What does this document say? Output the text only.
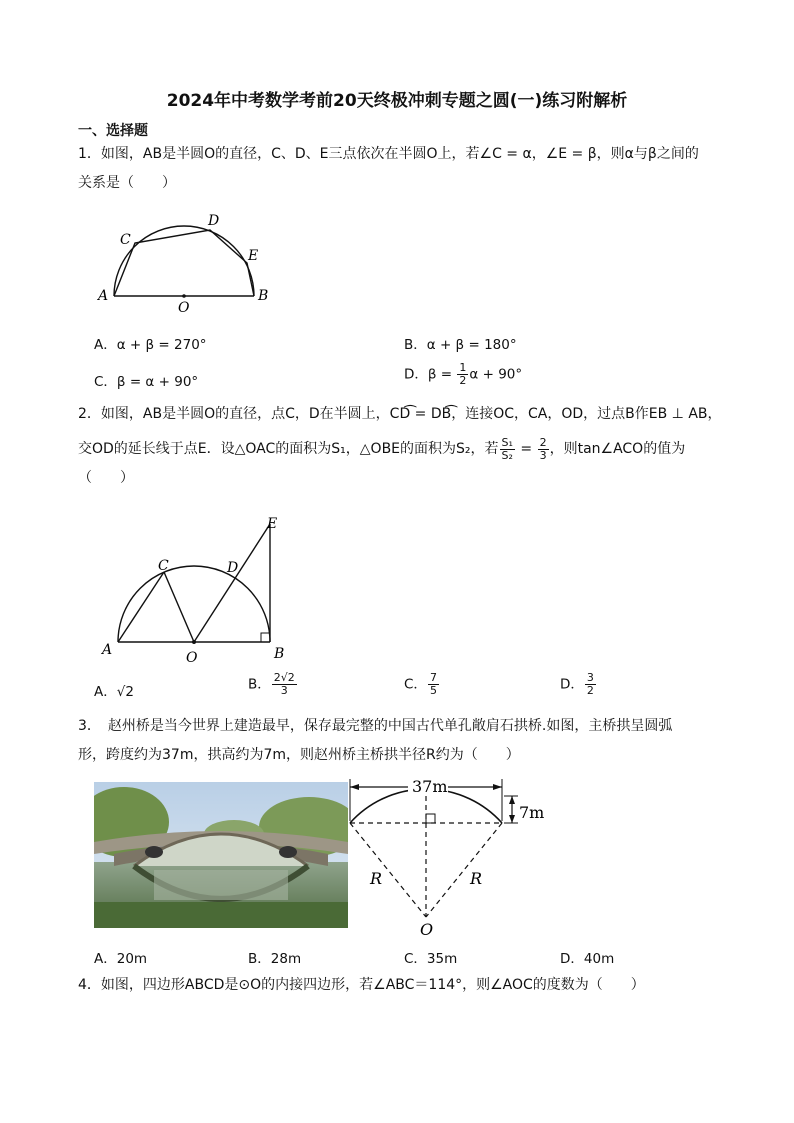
2024年中考数学考前20天终极冲刺专题之圆(一)练习附解析
一、选择题
1．如图，AB是半圆O的直径，C、D、E三点依次在半圆O上，若∠C = α，∠E = β，则α与β之间的
关系是（　　）
A	B
C
D
E
O
A．α + β = 270°	B．α + β = 180°
C．β = α + 90°	D．$\beta = \frac{1}{2}$ α + 90°
2．如图，AB是半圆O的直径，点C，D在半圆上，CD͡ = DB͡，连接OC，CA，OD，过点B作EB ⊥ AB，
交OD的延长线于点E．设△OAC的面积为S₁，△OBE的面积为S₂，若 $\frac{\text{S₁}}{\text{S₂}} = \frac{2}{3}$ ，则tan∠ACO的值为
（　　）
A	B
C	D
E
O
A．√2	B． $\frac{2√2}{3}$	C． $\frac{7}{5}$	D． $\frac{3}{2}$
3．　赵州桥是当今世界上建造最早，保存最完整的中国古代单孔敞肩石拱桥.如图，主桥拱呈圆弧
形，跨度约为37m，拱高约为7m，则赵州桥主桥拱半径R约为（　　）
37m
7m
R	R
O
A．20m	B．28m	C．35m	D．40m
4．如图，四边形ABCD是⊙O的内接四边形，若∠ABC＝114°，则∠AOC的度数为（　　）
